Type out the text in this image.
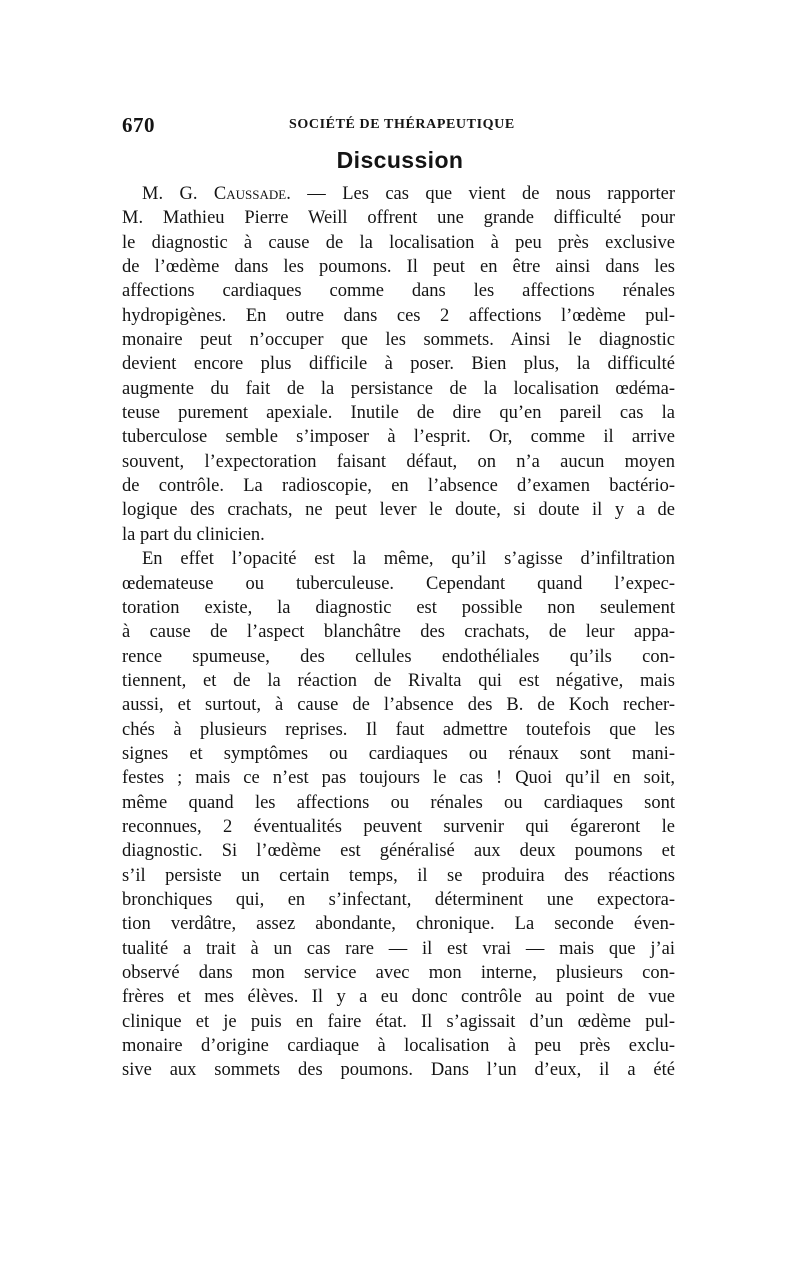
670	SOCIÉTÉ DE THÉRAPEUTIQUE
Discussion
M. G. Caussade. — Les cas que vient de nous rapporter
M. Mathieu Pierre Weill offrent une grande difficulté pour
le diagnostic à cause de la localisation à peu près exclusive
de l’œdème dans les poumons. Il peut en être ainsi dans les
affections cardiaques comme dans les affections rénales
hydropigènes. En outre dans ces 2 affections l’œdème pul-
monaire peut n’occuper que les sommets. Ainsi le diagnostic
devient encore plus difficile à poser. Bien plus, la difficulté
augmente du fait de la persistance de la localisation œdéma-
teuse purement apexiale. Inutile de dire qu’en pareil cas la
tuberculose semble s’imposer à l’esprit. Or, comme il arrive
souvent, l’expectoration faisant défaut, on n’a aucun moyen
de contrôle. La radioscopie, en l’absence d’examen bactério-
logique des crachats, ne peut lever le doute, si doute il y a de
la part du clinicien.
En effet l’opacité est la même, qu’il s’agisse d’infiltration
œdemateuse ou tuberculeuse. Cependant quand l’expec-
toration existe, la diagnostic est possible non seulement
à cause de l’aspect blanchâtre des crachats, de leur appa-
rence spumeuse, des cellules endothéliales qu’ils con-
tiennent, et de la réaction de Rivalta qui est négative, mais
aussi, et surtout, à cause de l’absence des B. de Koch recher-
chés à plusieurs reprises. Il faut admettre toutefois que les
signes et symptômes ou cardiaques ou rénaux sont mani-
festes ; mais ce n’est pas toujours le cas ! Quoi qu’il en soit,
même quand les affections ou rénales ou cardiaques sont
reconnues, 2 éventualités peuvent survenir qui égareront le
diagnostic. Si l’œdème est généralisé aux deux poumons et
s’il persiste un certain temps, il se produira des réactions
bronchiques qui, en s’infectant, déterminent une expectora-
tion verdâtre, assez abondante, chronique. La seconde éven-
tualité a trait à un cas rare — il est vrai — mais que j’ai
observé dans mon service avec mon interne, plusieurs con-
frères et mes élèves. Il y a eu donc contrôle au point de vue
clinique et je puis en faire état. Il s’agissait d’un œdème pul-
monaire d’origine cardiaque à localisation à peu près exclu-
sive aux sommets des poumons. Dans l’un d’eux, il a été
